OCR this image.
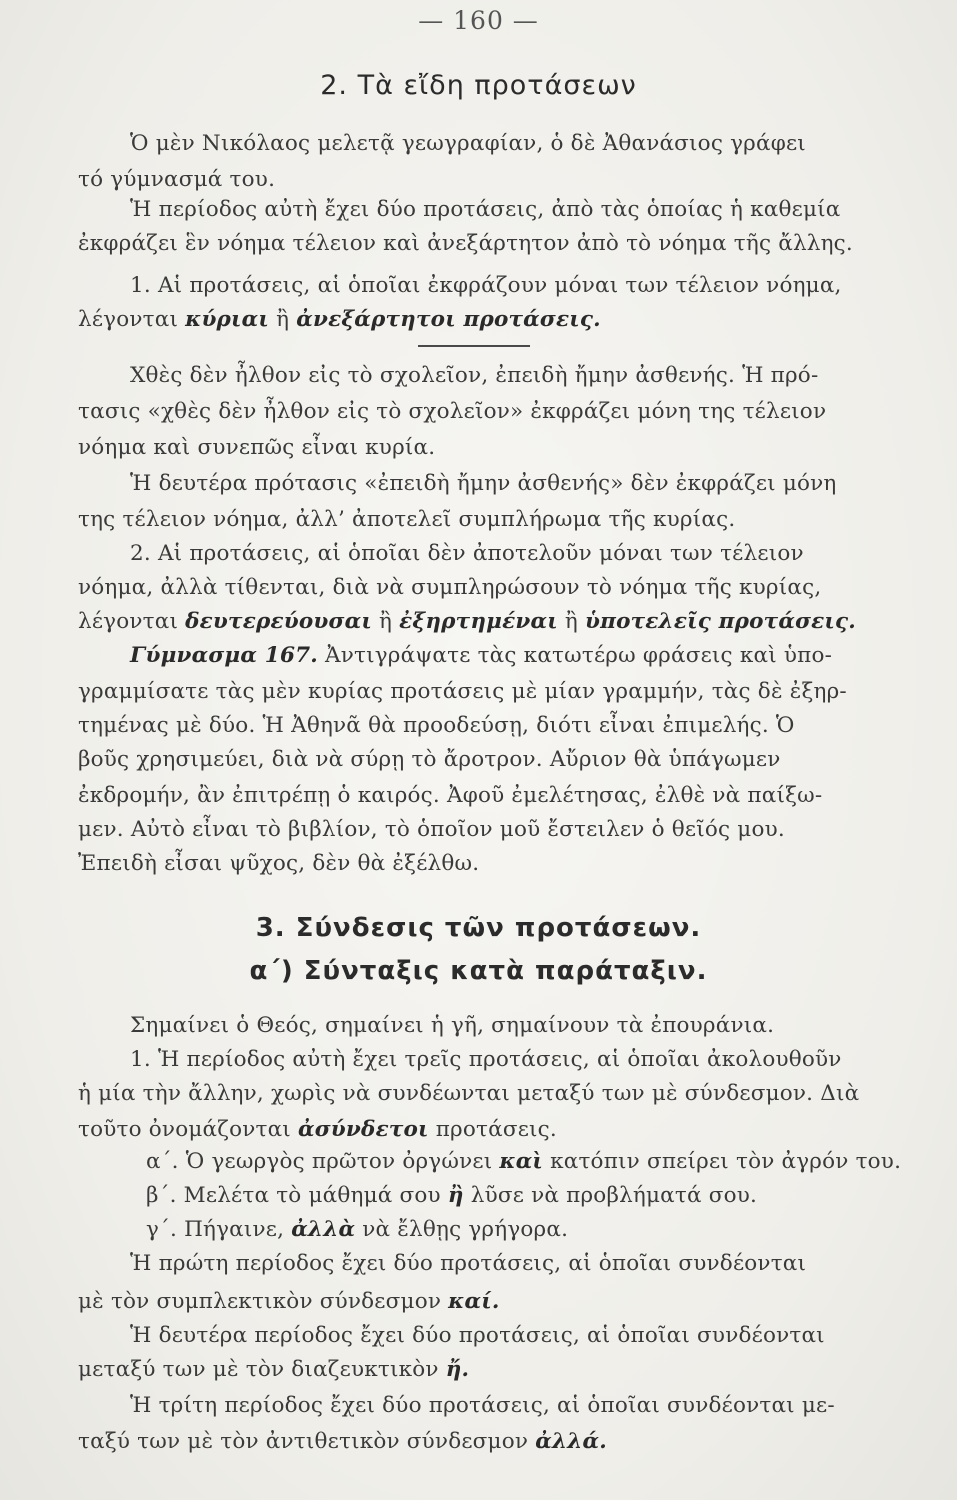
— 160 —
2. Τὰ εἴδη προτάσεων
Ὁ μὲν Νικόλαος μελετᾷ γεωγραφίαν, ὁ δὲ Ἀθανάσιος γράφει
τό γύμνασμά του.
Ἡ περίοδος αὐτὴ ἔχει δύο προτάσεις, ἀπὸ τὰς ὁποίας ἡ καθεμία
ἐκφράζει ἓν νόημα τέλειον καὶ ἀνεξάρτητον ἀπὸ τὸ νόημα τῆς ἄλλης.
1. Αἱ προτάσεις, αἱ ὁποῖαι ἐκφράζουν μόναι των τέλειον νόημα,
λέγονται κύριαι ἢ ἀνεξάρτητοι προτάσεις.
Χθὲς δὲν ἦλθον εἰς τὸ σχολεῖον, ἐπειδὴ ἤμην ἀσθενής. Ἡ πρό-
τασις «χθὲς δὲν ἦλθον εἰς τὸ σχολεῖον» ἐκφράζει μόνη της τέλειον
νόημα καὶ συνεπῶς εἶναι κυρία.
Ἡ δευτέρα πρότασις «ἐπειδὴ ἤμην ἀσθενής» δὲν ἐκφράζει μόνη
της τέλειον νόημα, ἀλλ’ ἀποτελεῖ συμπλήρωμα τῆς κυρίας.
2. Αἱ προτάσεις, αἱ ὁποῖαι δὲν ἀποτελοῦν μόναι των τέλειον
νόημα, ἀλλὰ τίθενται, διὰ νὰ συμπληρώσουν τὸ νόημα τῆς κυρίας,
λέγονται δευτερεύουσαι ἢ ἐξηρτημέναι ἢ ὑποτελεῖς προτάσεις.
Γύμνασμα 167. Ἀντιγράψατε τὰς κατωτέρω φράσεις καὶ ὑπο-
γραμμίσατε τὰς μὲν κυρίας προτάσεις μὲ μίαν γραμμήν, τὰς δὲ ἐξηρ-
τημένας μὲ δύο. Ἡ Ἀθηνᾶ θὰ προοδεύσῃ, διότι εἶναι ἐπιμελής. Ὁ
βοῦς χρησιμεύει, διὰ νὰ σύρῃ τὸ ἄροτρον. Αὔριον θὰ ὑπάγωμεν
ἐκδρομήν, ἂν ἐπιτρέπῃ ὁ καιρός. Ἀφοῦ ἐμελέτησας, ἐλθὲ νὰ παίξω-
μεν. Αὐτὸ εἶναι τὸ βιβλίον, τὸ ὁποῖον μοῦ ἔστειλεν ὁ θεῖός μου.
Ἐπειδὴ εἶσαι ψῦχος, δὲν θὰ ἐξέλθω.
3. Σύνδεσις τῶν προτάσεων.
α΄) Σύνταξις κατὰ παράταξιν.
Σημαίνει ὁ Θεός, σημαίνει ἡ γῆ, σημαίνουν τὰ ἐπουράνια.
1. Ἡ περίοδος αὐτὴ ἔχει τρεῖς προτάσεις, αἱ ὁποῖαι ἀκολουθοῦν
ἡ μία τὴν ἄλλην, χωρὶς νὰ συνδέωνται μεταξύ των μὲ σύνδεσμον. Διὰ
τοῦτο ὀνομάζονται ἀσύνδετοι προτάσεις.
α΄. Ὁ γεωργὸς πρῶτον ὀργώνει καὶ κατόπιν σπείρει τὸν ἀγρόν του.
β΄. Μελέτα τὸ μάθημά σου ἢ λῦσε νὰ προβλήματά σου.
γ΄. Πήγαινε, ἀλλὰ νὰ ἔλθῃς γρήγορα.
Ἡ πρώτη περίοδος ἔχει δύο προτάσεις, αἱ ὁποῖαι συνδέονται
μὲ τὸν συμπλεκτικὸν σύνδεσμον καί.
Ἡ δευτέρα περίοδος ἔχει δύο προτάσεις, αἱ ὁποῖαι συνδέονται
μεταξύ των μὲ τὸν διαζευκτικὸν ἤ.
Ἡ τρίτη περίοδος ἔχει δύο προτάσεις, αἱ ὁποῖαι συνδέονται με-
ταξύ των μὲ τὸν ἀντιθετικὸν σύνδεσμον ἀλλά.
